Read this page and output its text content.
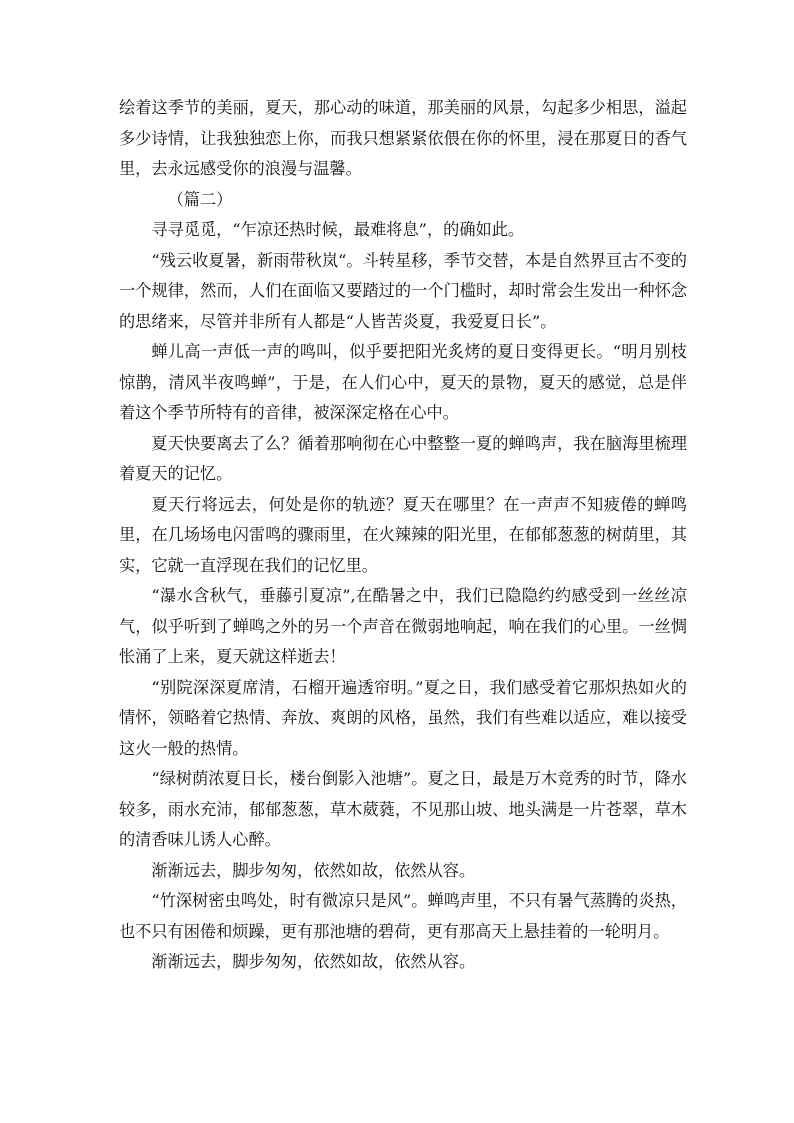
绘着这季节的美丽，夏天，那心动的味道，那美丽的风景，勾起多少相思，溢起多少诗情，让我独独恋上你，而我只想紧紧依偎在你的怀里，浸在那夏日的香气里，去永远感受你的浪漫与温馨。

（篇二）

寻寻觅觅，“乍凉还热时候，最难将息”，的确如此。

“残云收夏暑，新雨带秋岚“。斗转星移，季节交替，本是自然界亘古不变的一个规律，然而，人们在面临又要踏过的一个门槛时，却时常会生发出一种怀念的思绪来，尽管并非所有人都是“人皆苦炎夏，我爱夏日长”。

蝉儿高一声低一声的鸣叫，似乎要把阳光炙烤的夏日变得更长。“明月别枝惊鹊，清风半夜鸣蝉”，于是，在人们心中，夏天的景物，夏天的感觉，总是伴着这个季节所特有的音律，被深深定格在心中。

夏天快要离去了么？循着那响彻在心中整整一夏的蝉鸣声，我在脑海里梳理着夏天的记忆。

夏天行将远去，何处是你的轨迹？夏天在哪里？在一声声不知疲倦的蝉鸣里，在几场场电闪雷鸣的骤雨里，在火辣辣的阳光里，在郁郁葱葱的树荫里，其实，它就一直浮现在我们的记忆里。

“瀑水含秋气，垂藤引夏凉”,在酷暑之中，我们已隐隐约约感受到一丝丝凉气，似乎听到了蝉鸣之外的另一个声音在微弱地响起，响在我们的心里。一丝惆怅涌了上来，夏天就这样逝去！

“别院深深夏席清，石榴开遍透帘明。”夏之日，我们感受着它那炽热如火的情怀，领略着它热情、奔放、爽朗的风格，虽然，我们有些难以适应，难以接受这火一般的热情。

“绿树荫浓夏日长，楼台倒影入池塘”。夏之日，最是万木竞秀的时节，降水较多，雨水充沛，郁郁葱葱，草木葳蕤，不见那山坡、地头满是一片苍翠，草木的清香味儿诱人心醉。

渐渐远去，脚步匆匆，依然如故，依然从容。

“竹深树密虫鸣处，时有微凉只是风”。蝉鸣声里，不只有暑气蒸腾的炎热，也不只有困倦和烦躁，更有那池塘的碧荷，更有那高天上悬挂着的一轮明月。

渐渐远去，脚步匆匆，依然如故，依然从容。
